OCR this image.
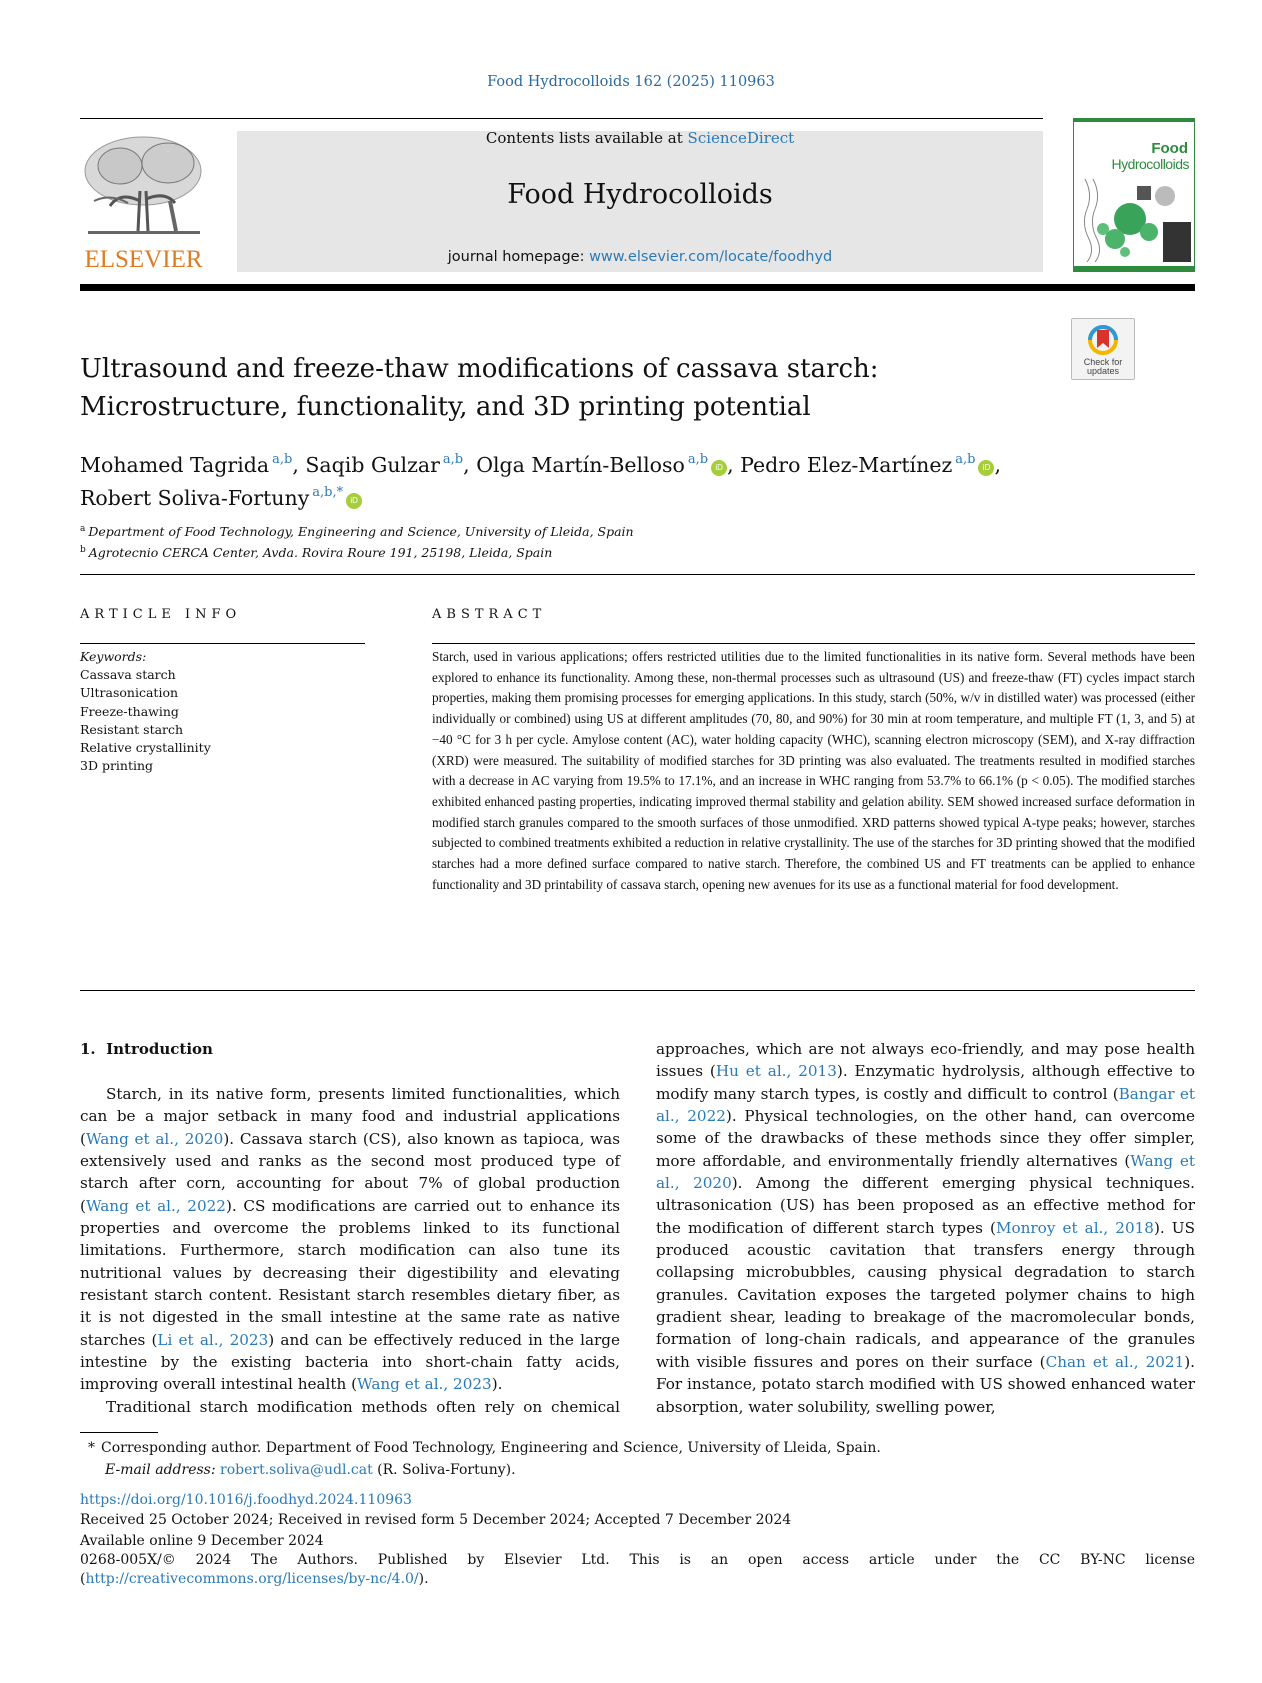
Food Hydrocolloids 162 (2025) 110963
ELSEVIER
Contents lists available at ScienceDirect
Food Hydrocolloids
journal homepage: www.elsevier.com/locate/foodhyd
Food
Hydrocolloids
Check for
updates
Ultrasound and freeze-thaw modifications of cassava starch:
Microstructure, functionality, and 3D printing potential
Mohamed Tagrida $^{a,b}$, Saqib Gulzar $^{a,b}$, Olga Martín-Belloso $^{a,b}$iD , Pedro Elez-Martínez $^{a,b}$iD ,
Robert Soliva-Fortuny $^{a,b,*}$iD
$^a$ Department of Food Technology, Engineering and Science, University of Lleida, Spain
$^b$ Agrotecnio CERCA Center, Avda. Rovira Roure 191, 25198, Lleida, Spain
ARTICLE INFO	ABSTRACT
Keywords:
Cassava starch
Ultrasonication
Freeze-thawing
Resistant starch
Relative crystallinity
3D printing
Starch, used in various applications; offers restricted utilities due to the limited functionalities in its native form. Several methods have been explored to enhance its functionality. Among these, non-thermal processes such as ultrasound (US) and freeze-thaw (FT) cycles impact starch properties, making them promising processes for emerging applications. In this study, starch (50%, w/v in distilled water) was processed (either individually or combined) using US at different amplitudes (70, 80, and 90%) for 30 min at room temperature, and multiple FT (1, 3, and 5) at −40 °C for 3 h per cycle. Amylose content (AC), water holding capacity (WHC), scanning electron microscopy (SEM), and X-ray diffraction (XRD) were measured. The suitability of modified starches for 3D printing was also evaluated. The treatments resulted in modified starches with a decrease in AC varying from 19.5% to 17.1%, and an increase in WHC ranging from 53.7% to 66.1% (p < 0.05). The modified starches exhibited enhanced pasting properties, indicating improved thermal stability and gelation ability. SEM showed increased surface deformation in modified starch granules compared to the smooth surfaces of those unmodified. XRD patterns showed typical A-type peaks; however, starches subjected to combined treatments exhibited a reduction in relative crystallinity. The use of the starches for 3D printing showed that the modified starches had a more defined surface compared to native starch. Therefore, the combined US and FT treatments can be applied to enhance functionality and 3D printability of cassava starch, opening new avenues for its use as a functional material for food development.
1.  Introduction

Starch, in its native form, presents limited functionalities, which can be a major setback in many food and industrial applications (Wang et al., 2020). Cassava starch (CS), also known as tapioca, was extensively used and ranks as the second most produced type of starch after corn, accounting for about 7% of global production (Wang et al., 2022). CS modifications are carried out to enhance its properties and overcome the problems linked to its functional limitations. Furthermore, starch modification can also tune its nutritional values by decreasing their digestibility and elevating resistant starch content. Resistant starch resembles dietary fiber, as it is not digested in the small intestine at the same rate as native starches (Li et al., 2023) and can be effectively reduced in the large intestine by the existing bacteria into short-chain fatty acids, improving overall intestinal health (Wang et al., 2023).

Traditional starch modification methods often rely on chemical

approaches, which are not always eco-friendly, and may pose health issues (Hu et al., 2013). Enzymatic hydrolysis, although effective to modify many starch types, is costly and difficult to control (Bangar et al., 2022). Physical technologies, on the other hand, can overcome some of the drawbacks of these methods since they offer simpler, more affordable, and environmentally friendly alternatives (Wang et al., 2020). Among the different emerging physical techniques. ultrasonication (US) has been proposed as an effective method for the modification of different starch types (Monroy et al., 2018). US produced acoustic cavitation that transfers energy through collapsing microbubbles, causing physical degradation to starch granules. Cavitation exposes the targeted polymer chains to high gradient shear, leading to breakage of the macromolecular bonds, formation of long-chain radicals, and appearance of the granules with visible fissures and pores on their surface (Chan et al., 2021). For instance, potato starch modified with US showed enhanced water absorption, water solubility, swelling power,

* Corresponding author. Department of Food Technology, Engineering and Science, University of Lleida, Spain.
E-mail address: robert.soliva@udl.cat (R. Soliva-Fortuny).
https://doi.org/10.1016/j.foodhyd.2024.110963
Received 25 October 2024; Received in revised form 5 December 2024; Accepted 7 December 2024
Available online 9 December 2024
0268-005X/© 2024 The Authors. Published by Elsevier Ltd. This is an open access article under the CC BY-NC license (http://creativecommons.org/licenses/by-nc/4.0/).
